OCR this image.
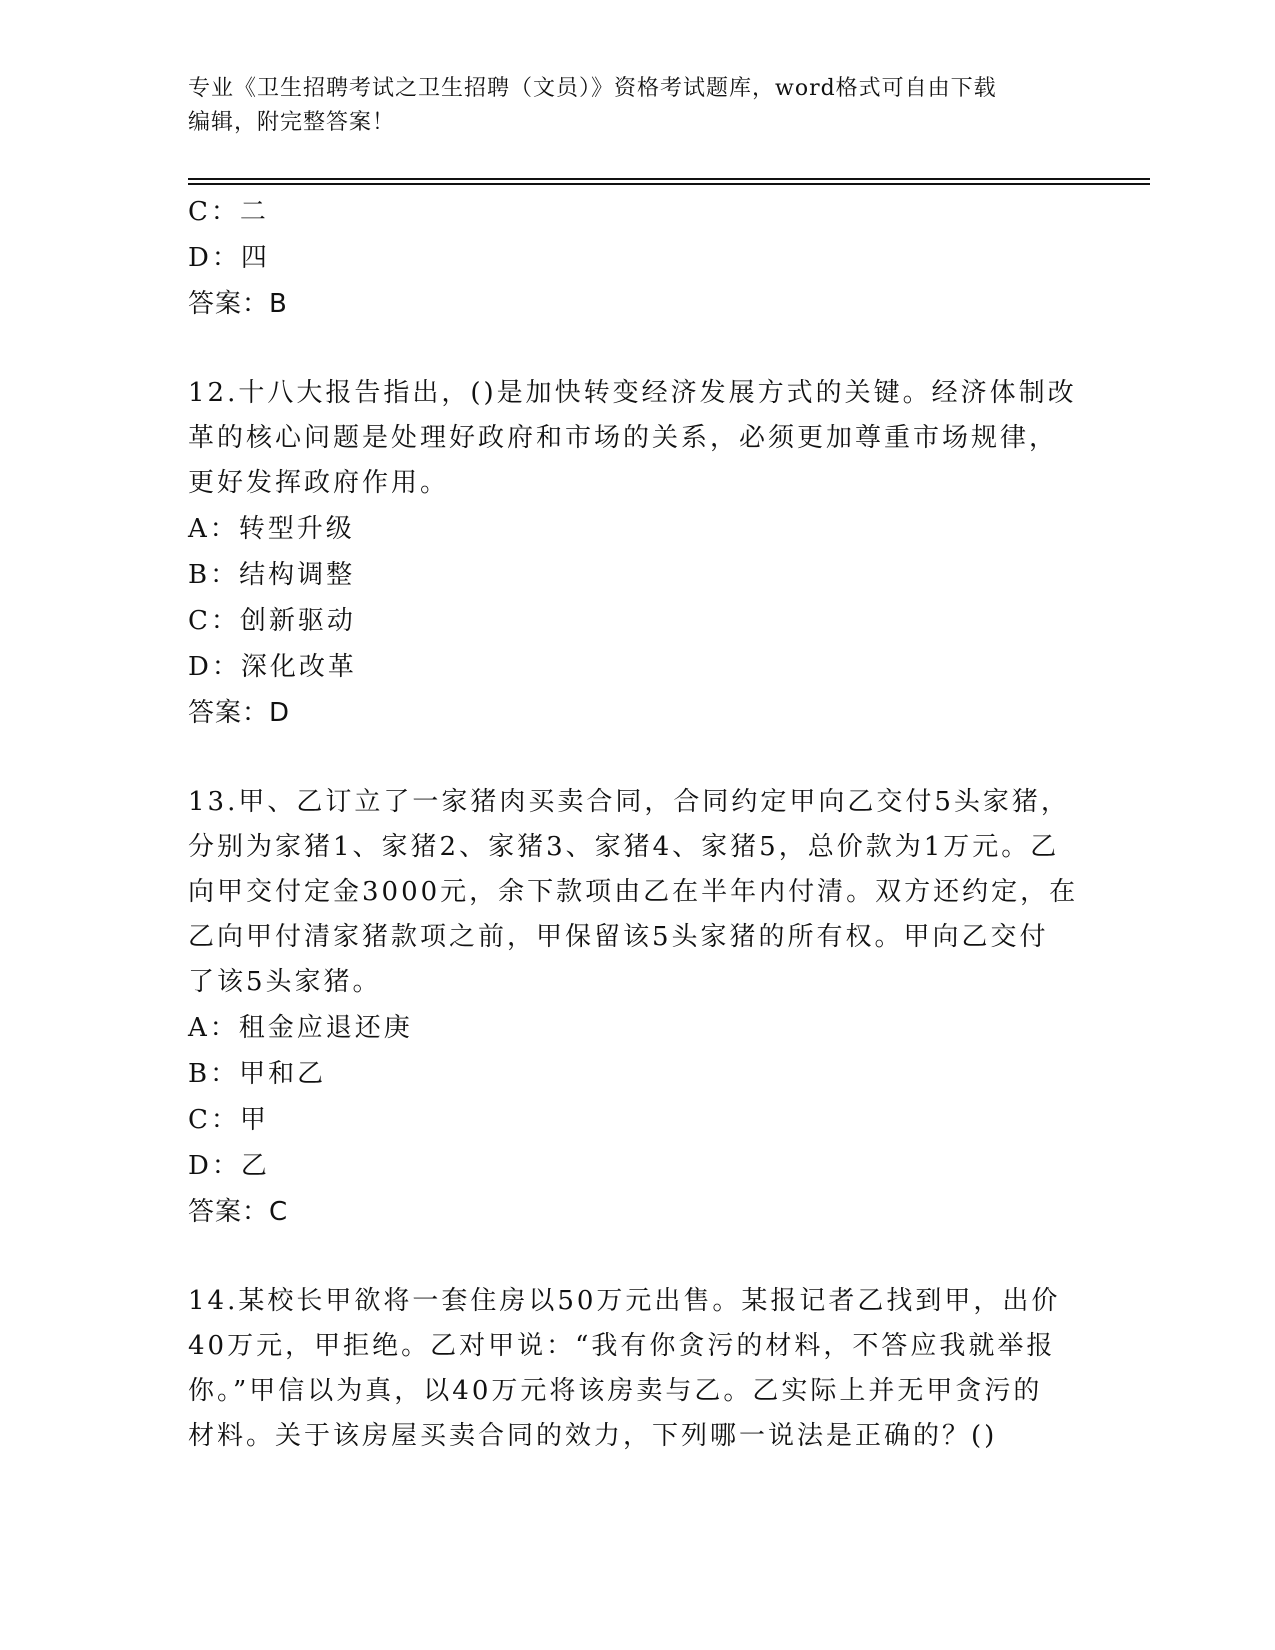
专业《卫生招聘考试之卫生招聘（文员）》资格考试题库，word格式可自由下载
编辑，附完整答案！
C：二
D：四
答案：B
12.十八大报告指出，()是加快转变经济发展方式的关键。经济体制改
革的核心问题是处理好政府和市场的关系，必须更加尊重市场规律，
更好发挥政府作用。
A：转型升级
B：结构调整
C：创新驱动
D：深化改革
答案：D
13.甲、乙订立了一家猪肉买卖合同，合同约定甲向乙交付5头家猪，
分别为家猪1、家猪2、家猪3、家猪4、家猪5，总价款为1万元。乙
向甲交付定金3000元，余下款项由乙在半年内付清。双方还约定，在
乙向甲付清家猪款项之前，甲保留该5头家猪的所有权。甲向乙交付
了该5头家猪。
A：租金应退还庚
B：甲和乙
C：甲
D：乙
答案：C
14.某校长甲欲将一套住房以50万元出售。某报记者乙找到甲，出价
40万元，甲拒绝。乙对甲说：“我有你贪污的材料，不答应我就举报
你。”甲信以为真，以40万元将该房卖与乙。乙实际上并无甲贪污的
材料。关于该房屋买卖合同的效力，下列哪一说法是正确的？()
